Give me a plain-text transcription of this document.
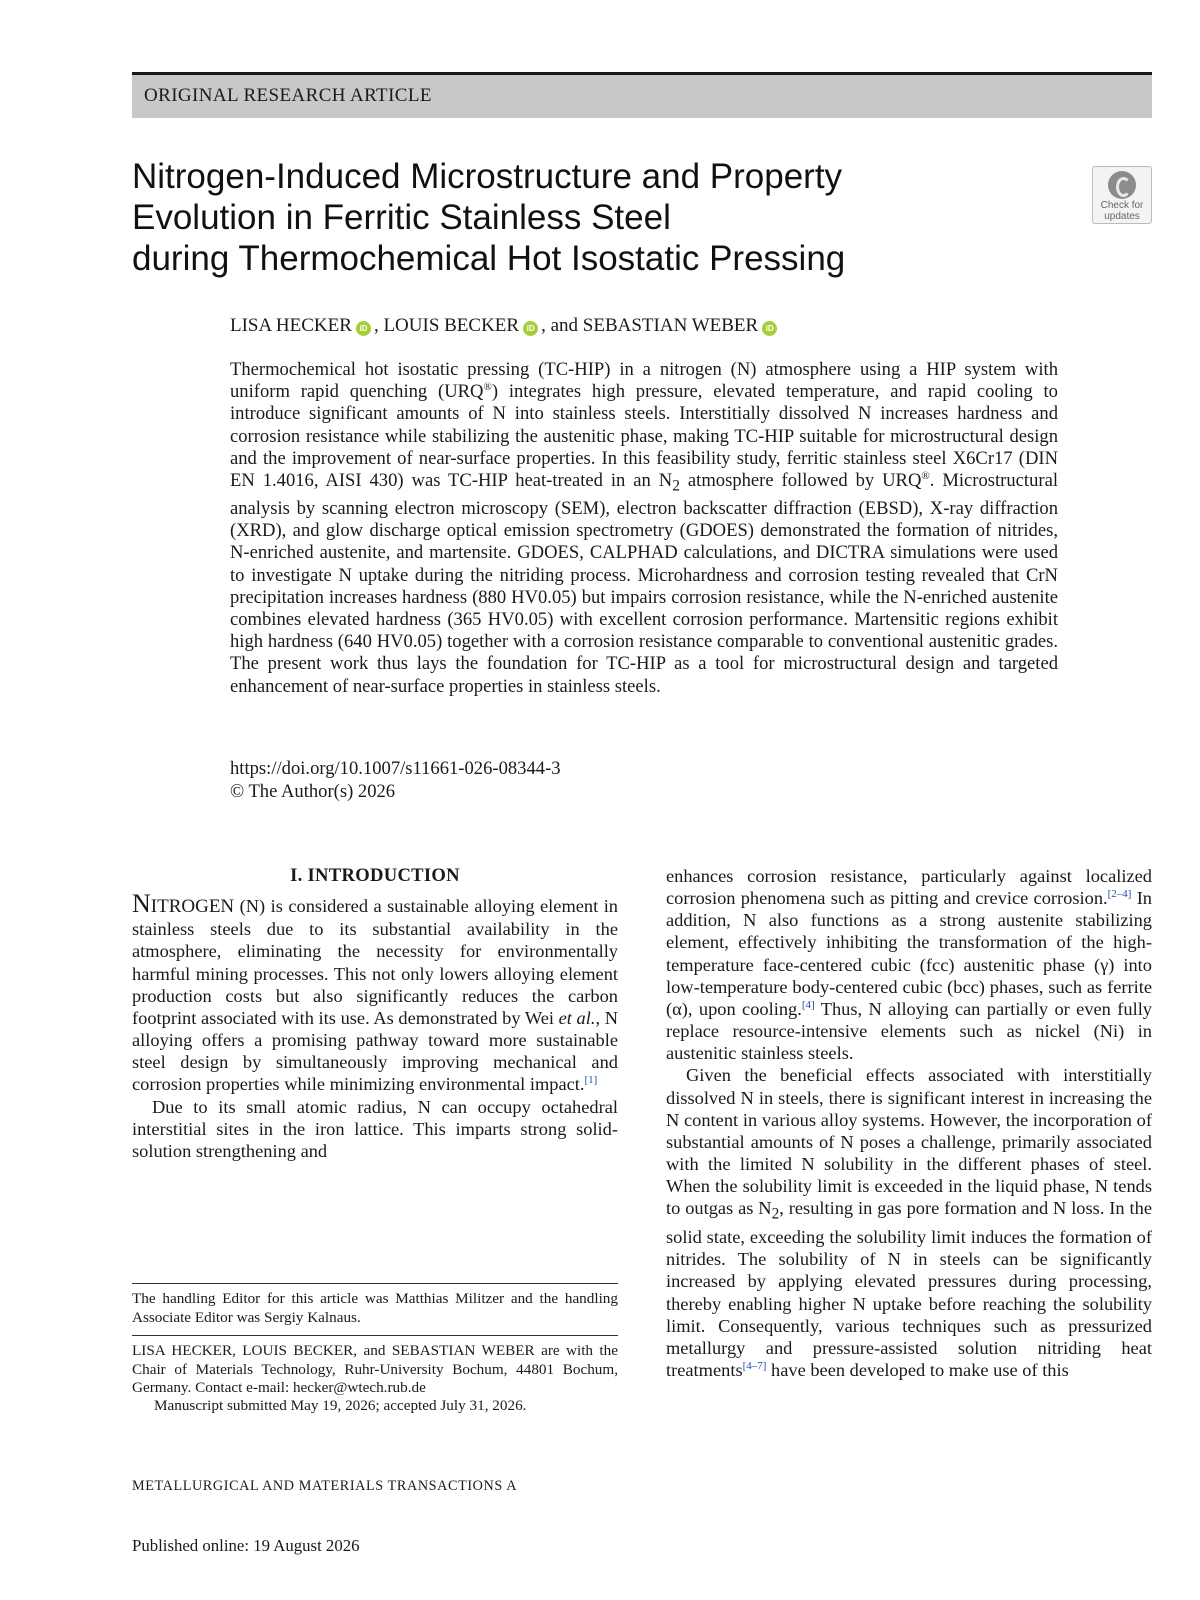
ORIGINAL RESEARCH ARTICLE
Nitrogen-Induced Microstructure and Property
Evolution in Ferritic Stainless Steel
during Thermochemical Hot Isostatic Pressing
Check for updates
LISA HECKER iD , LOUIS BECKER iD , and SEBASTIAN WEBER iD

Thermochemical hot isostatic pressing (TC-HIP) in a nitrogen (N) atmosphere using a HIP system with uniform rapid quenching (URQ®) integrates high pressure, elevated temperature, and rapid cooling to introduce significant amounts of N into stainless steels. Interstitially dissolved N increases hardness and corrosion resistance while stabilizing the austenitic phase, making TC-HIP suitable for microstructural design and the improvement of near-surface properties. In this feasibility study, ferritic stainless steel X6Cr17 (DIN EN 1.4016, AISI 430) was TC-HIP heat-treated in an $N_2$ atmosphere followed by URQ®. Microstructural analysis by scanning electron microscopy (SEM), electron backscatter diffraction (EBSD), X-ray diffraction (XRD), and glow discharge optical emission spectrometry (GDOES) demonstrated the formation of nitrides, N-enriched austenite, and martensite. GDOES, CALPHAD calculations, and DICTRA simulations were used to investigate N uptake during the nitriding process. Microhardness and corrosion testing revealed that CrN precipitation increases hardness (880 HV0.05) but impairs corrosion resistance, while the N-enriched austenite combines elevated hardness (365 HV0.05) with excellent corrosion performance. Martensitic regions exhibit high hardness (640 HV0.05) together with a corrosion resistance comparable to conventional austenitic grades. The present work thus lays the foundation for TC-HIP as a tool for microstructural design and targeted enhancement of near-surface properties in stainless steels.

https://doi.org/10.1007/s11661-026-08344-3
© The Author(s) 2026
I. INTRODUCTION

NITROGEN (N) is considered a sustainable alloying element in stainless steels due to its substantial availability in the atmosphere, eliminating the necessity for environmentally harmful mining processes. This not only lowers alloying element production costs but also significantly reduces the carbon footprint associated with its use. As demonstrated by Wei et al., N alloying offers a promising pathway toward more sustainable steel design by simultaneously improving mechanical and corrosion properties while minimizing environmental impact.[1]

Due to its small atomic radius, N can occupy octahedral interstitial sites in the iron lattice. This imparts strong solid-solution strengthening and

enhances corrosion resistance, particularly against localized corrosion phenomena such as pitting and crevice corrosion.[2–4] In addition, N also functions as a strong austenite stabilizing element, effectively inhibiting the transformation of the high-temperature face-centered cubic (fcc) austenitic phase (γ) into low-temperature body-centered cubic (bcc) phases, such as ferrite (α), upon cooling.[4] Thus, N alloying can partially or even fully replace resource-intensive elements such as nickel (Ni) in austenitic stainless steels.

Given the beneficial effects associated with interstitially dissolved N in steels, there is significant interest in increasing the N content in various alloy systems. However, the incorporation of substantial amounts of N poses a challenge, primarily associated with the limited N solubility in the different phases of steel. When the solubility limit is exceeded in the liquid phase, N tends to outgas as $N_2$, resulting in gas pore formation and N loss. In the solid state, exceeding the solubility limit induces the formation of nitrides. The solubility of N in steels can be significantly increased by applying elevated pressures during processing, thereby enabling higher N uptake before reaching the solubility limit. Consequently, various techniques such as pressurized metallurgy and pressure-assisted solution nitriding heat treatments[4–7] have been developed to make use of this

The handling Editor for this article was Matthias Militzer and the handling Associate Editor was Sergiy Kalnaus.

LISA HECKER, LOUIS BECKER, and SEBASTIAN WEBER are with the Chair of Materials Technology, Ruhr-University Bochum, 44801 Bochum, Germany. Contact e-mail: hecker@wtech.rub.de

Manuscript submitted May 19, 2026; accepted July 31, 2026.

METALLURGICAL AND MATERIALS TRANSACTIONS A
Published online: 19 August 2026
